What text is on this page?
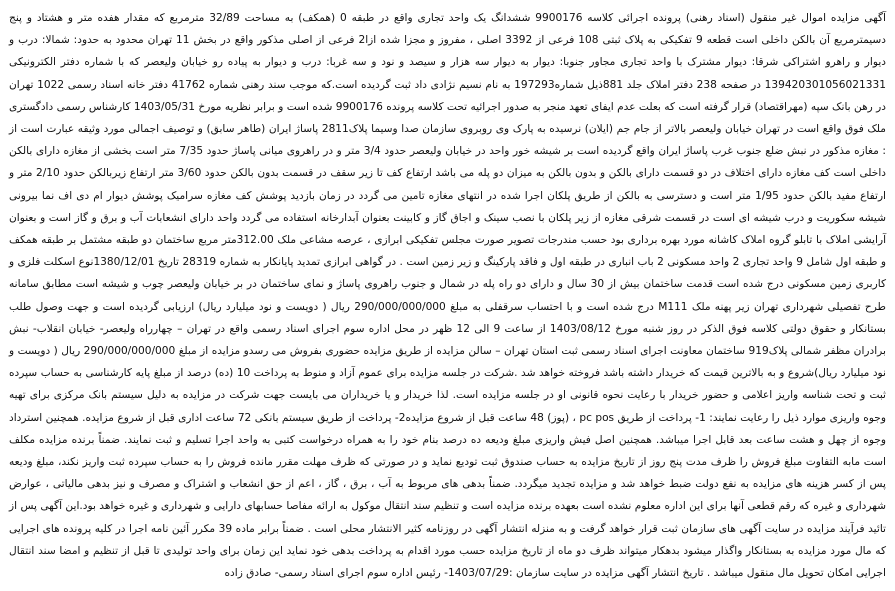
آگهی مزایده اموال غیر منقول (اسناد رهنی) پرونده اجرائی کلاسه 9900176 ششدانگ یک واحد تجاری واقع در طبقه 0 (همکف) به مساحت 32/89 مترمربع که مقدار هفده متر و هشتاد و پنج دسیمترمربع آن بالکن داخلی است قطعه 9 تفکیکی به پلاک ثبتی 108 فرعی از 3392 اصلی ، مفروز و مجزا شده ازا2 فرعی از اصلی مذکور واقع در بخش 11 تهران محدود به حدود: شمالا: درب و دیوار و راهرو اشتراکی شرقا: دیوار مشترک با واحد تجاری مجاور جنوبا: دیوار به دیوار سه هزار و سیصد و نود و سه غربا: درب و دیوار به پیاده رو خیابان ولیعصر که با شماره دفتر الکترونیکی 139420301056021331 در صفحه 238 دفتر املاک جلد 881ذیل شماره197293 به نام نسیم نژادی داد ثبت گردیده است.که موجب سند رهنی شماره 41762 دفتر خانه اسناد رسمی 1022 تهران در رهن بانک سپه (مهراقتصاد) قرار گرفته است که بعلت عدم ایفای تعهد منجر به صدور اجرائیه تحت کلاسه پرونده 9900176 شده است و برابر نظریه مورخ 1403/05/31 کارشناس رسمی دادگستری ملک فوق واقع است در تهران خیابان ولیعصر بالاتر از جام جم (ایلان) نرسیده به پارک وی روبروی سازمان صدا وسیما پلاک2811 پاساژ ایران (طاهر سابق) و توصیف اجمالی مورد وثیقه عبارت است از : مغازه مذکور در نبش ضلع جنوب غرب پاساژ ایران واقع گردیده است بر شیشه خور واحد در خیابان ولیعصر حدود 3/4 متر و در راهروی میانی پاساژ حدود 7/35 متر است بخشی از مغازه دارای بالکن داخلی است کف مغازه دارای اختلاف در دو قسمت دارای بالکن و بدون بالکن به میزان دو پله می باشد ارتفاع کف تا زیر سقف در قسمت بدون بالکن حدود 3/60 متر ارتفاع زیربالکن حدود 2/10 متر و ارتفاع مفید بالکن حدود 1/95 متر است و دسترسی به بالکن از طریق پلکان اجرا شده در انتهای مغازه تامین می گردد در زمان بازدید پوشش کف مغازه سرامیک پوشش دیوار ام دی اف نما بیرونی شیشه سکوریت و درب شیشه ای است در قسمت شرقی مغازه از زیر پلکان با نصب سینک و اجاق گاز و کابینت بعنوان آبدارخانه استفاده می گردد واحد دارای انشعابات آب و برق و گاز است و بعنوان آرایشی املاک با تابلو گروه املاک کاشانه مورد بهره برداری بود حسب مندرجات تصویر صورت مجلس تفکیکی ابرازی ، عرصه مشاعی ملک 312.00متر مربع ساختمان دو طبقه مشتمل بر طبقه همکف و طبقه اول شامل 9 واحد تجاری 2 واحد مسکونی 2 باب انباری در طبقه اول و فاقد پارکینگ و زیر زمین است . در گواهی ابرازی تمدید پایانکار به شماره 28319 تاریخ 1380/12/01نوع اسکلت فلزی و کاربری زمین مسکونی درج شده است قدمت ساختمان بیش از 30 سال و دارای دو راه پله در شمال و جنوب راهروی پاساژ و نمای ساختمان در بر خیابان ولیعصر چوب و شیشه است مطابق سامانه طرح تفصیلی شهرداری تهران زیر پهنه ملک M111 درج شده است و با احتساب سرقفلی به مبلغ 290/000/000/000 ریال ( دویست و نود میلیارد ریال) ارزیابی گردیده است و جهت وصول طلب بستانکار و حقوق دولتی کلاسه فوق الذکر در روز شنبه مورخ 1403/08/12 از ساعت 9 الی 12 ظهر در محل اداره سوم اجرای اسناد رسمی واقع در تهران – چهارراه ولیعصر- خیابان انقلاب- نبش برادران مظفر شمالی پلاک919 ساختمان معاونت اجرای اسناد رسمی ثبت استان تهران – سالن مزایده از طریق مزایده حضوری بفروش می رسدو مزایده از مبلغ 290/000/000/000 ریال ( دویست و نود میلیارد ریال)شروع و به بالاترین قیمت که خریدار داشته باشد فروخته خواهد شد .شرکت در جلسه مزایده برای عموم آزاد و منوط به پرداخت 10 (ده) درصد از مبلغ پایه کارشناسی به حساب سپرده ثبت و تحت شناسه واریز اعلامی و حضور خریدار با رعایت نحوه قانونی او در جلسه مزایده است. لذا خریدار و یا خریداران می بایست جهت شرکت در مزایده به دلیل سیستم بانک مرکزی برای تهیه وجوه واریزی موارد ذیل را رعایت نمایند: 1- پرداخت از طریق pc pos ، (پوز) 48 ساعت قبل از شروع مزایده2- پرداخت از طریق سیستم بانکی 72 ساعت اداری قبل از شروع مزایده. همچنین استرداد وجوه از چهل و هشت ساعت بعد قابل اجرا میباشد. همچنین اصل فیش واریزی مبلغ ودیعه ده درصد بنام خود را به همراه درخواست کتبی به واحد اجرا تسلیم و ثبت نمایند. ضمناً برنده مزایده مکلف است مابه التفاوت مبلغ فروش را ظرف مدت پنج روز از تاریخ مزایده به حساب صندوق ثبت تودیع نماید و در صورتی که ظرف مهلت مقرر مانده فروش را به حساب سپرده ثبت واریز نکند، مبلغ ودیعه پس از کسر هزینه های مزایده به نفع دولت ضبط خواهد شد و مزایده تجدید میگردد. ضمناً بدهی های مربوط به آب ، برق ، گاز ، اعم از حق انشعاب و اشتراک و مصرف و نیز بدهی مالیاتی ، عوارض شهرداری و غیره که رقم قطعی آنها برای این اداره معلوم نشده است بعهده برنده مزایده است و تنظیم سند انتقال موکول به ارائه مفاصا حسابهای دارایی و شهرداری و غیره خواهد بود.این آگهی پس از تائید فرآیند مزایده در سایت آگهی های سازمان ثبت قرار خواهد گرفت و به منزله انتشار آگهی در روزنامه کثیر الانتشار محلی است . ضمناً برابر ماده 39 مکرر آئین نامه اجرا در کلیه پرونده های اجرایی که مال مورد مزایده به بستانکار واگذار میشود بدهکار میتواند ظرف دو ماه از تاریخ مزایده حسب مورد اقدام به پرداخت بدهی خود نماید این زمان برای واحد تولیدی تا قبل از تنظیم و امضا سند انتقال اجرایی امکان تحویل مال منقول میباشد . تاریخ انتشار آگهی مزایده در سایت سازمان :1403/07/29- رئیس اداره سوم اجرای اسناد رسمی- صادق زاده
